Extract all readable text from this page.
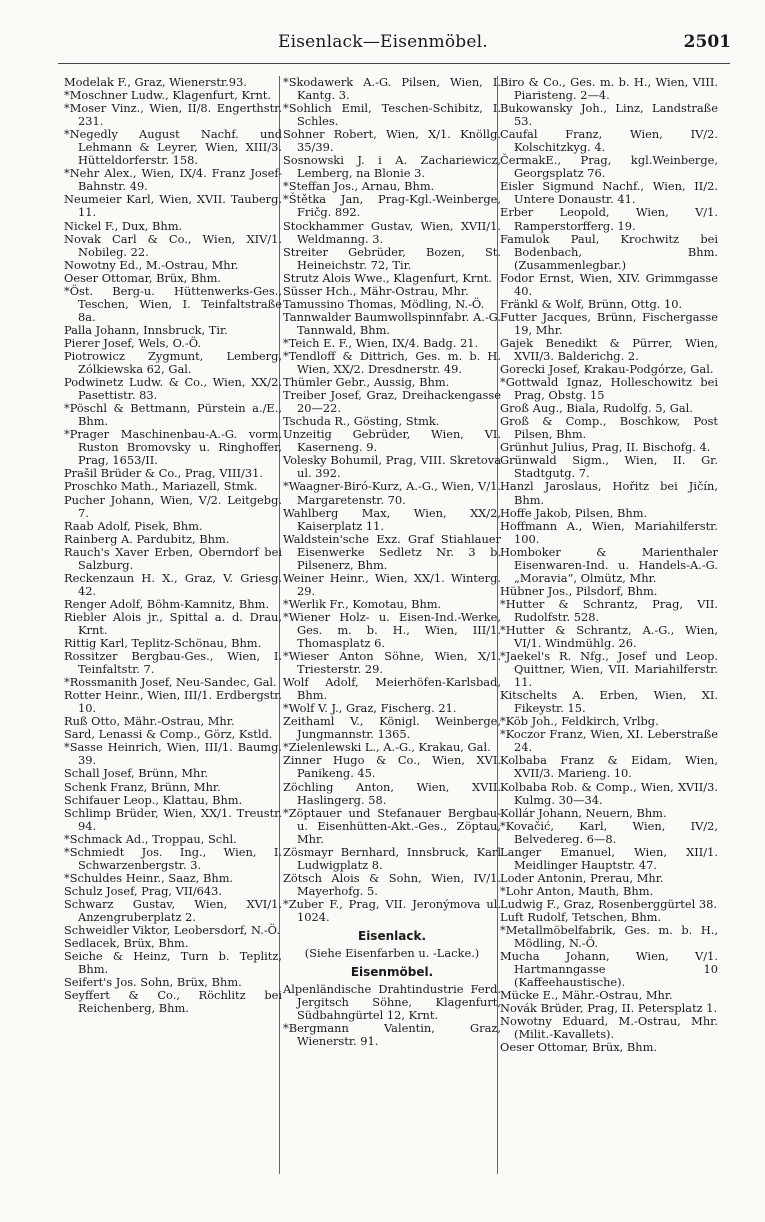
Eisenlack—Eisenmöbel.	2501
Modelak F., Graz, Wienerstr.93.
*Moschner Ludw., Klagenfurt, Krnt.
*Moser Vinz., Wien, II/8. Engerthstr. 231.
*Negedly August Nachf. und Lehmann & Leyrer, Wien, XIII/3. Hütteldorferstr. 158.
*Nehr Alex., Wien, IX/4. Franz Josef-Bahnstr. 49.
Neumeier Karl, Wien, XVII. Tauberg. 11.
Nickel F., Dux, Bhm.
Novak Carl & Co., Wien, XIV/1. Nobileg. 22.
Nowotny Ed., M.-Ostrau, Mhr.
Oeser Ottomar, Brüx, Bhm.
*Öst. Berg-u. Hüttenwerks-Ges., Teschen, Wien, I. Teinfaltstraße 8a.
Palla Johann, Innsbruck, Tir.
Pierer Josef, Wels, O.-Ö.
Piotrowicz Zygmunt, Lemberg, Zólkiewska 62, Gal.
Podwinetz Ludw. & Co., Wien, XX/2. Pasettistr. 83.
*Pöschl & Bettmann, Pürstein a./E., Bhm.
*Prager Maschinenbau-A.-G. vorm. Ruston Bromovsky u. Ringhoffer, Prag, 1653/II.
Prašil Brüder & Co., Prag, VIII/31.
Proschko Math., Mariazell, Stmk.
Pucher Johann, Wien, V/2. Leitgebg. 7.
Raab Adolf, Pisek, Bhm.
Rainberg A. Pardubitz, Bhm.
Rauch's Xaver Erben, Oberndorf bei Salzburg.
Reckenzaun H. X., Graz, V. Griesg. 42.
Renger Adolf, Böhm-Kamnitz, Bhm.
Riebler Alois jr., Spittal a. d. Drau, Krnt.
Rittig Karl, Teplitz-Schönau, Bhm.
Rossitzer Bergbau-Ges., Wien, I. Teinfaltstr. 7.
*Rossmanith Josef, Neu-Sandec, Gal.
Rotter Heinr., Wien, III/1. Erdbergstr. 10.
Ruß Otto, Mähr.-Ostrau, Mhr.
Sard, Lenassi & Comp., Görz, Kstld.
*Sasse Heinrich, Wien, III/1. Baumg. 39.
Schall Josef, Brünn, Mhr.
Schenk Franz, Brünn, Mhr.
Schifauer Leop., Klattau, Bhm.
Schlimp Brüder, Wien, XX/1. Treustr. 94.
*Schmack Ad., Troppau, Schl.
*Schmiedt Jos. Ing., Wien, I. Schwarzenbergstr. 3.
*Schuldes Heinr., Saaz, Bhm.
Schulz Josef, Prag, VII/643.
Schwarz Gustav, Wien, XVI/1. Anzengruberplatz 2.
Schweidler Viktor, Leobersdorf, N.-Ö.
Sedlacek, Brüx, Bhm.
Seiche & Heinz, Turn b. Teplitz, Bhm.
Seifert's Jos. Sohn, Brüx, Bhm.
Seyffert & Co., Röchlitz bei Reichenberg, Bhm.
*Skodawerk A.-G. Pilsen, Wien, I. Kantg. 3.
*Sohlich Emil, Teschen-Schibitz, I. Schles.
Sohner Robert, Wien, X/1. Knöllg. 35/39.
Sosnowski J. i A. Zachariewicz, Lemberg, na Blonie 3.
*Steffan Jos., Arnau, Bhm.
*Štětka Jan, Prag-Kgl.-Weinberge, Fričg. 892.
Stockhammer Gustav, Wien, XVII/1. Weldmanng. 3.
Streiter Gebrüder, Bozen, St. Heineichstr. 72, Tir.
Strutz Alois Wwe., Klagenfurt, Krnt.
Süsser Hch., Mähr-Ostrau, Mhr.
Tamussino Thomas, Mödling, N.-Ö.
Tannwalder Baumwollspinnfabr. A.-G. Tannwald, Bhm.
*Teich E. F., Wien, IX/4. Badg. 21.
*Tendloff & Dittrich, Ges. m. b. H. Wien, XX/2. Dresdnerstr. 49.
Thümler Gebr., Aussig, Bhm.
Treiber Josef, Graz, Dreihackengasse 20—22.
Tschuda R., Gösting, Stmk.
Unzeitig Gebrüder, Wien, VI. Kaserneng. 9.
Volesky Bohumil, Prag, VIII. Skretova ul. 392.
*Waagner-Biró-Kurz, A.-G., Wien, V/1. Margaretenstr. 70.
Wahlberg Max, Wien, XX/2, Kaiserplatz 11.
Waldstein'sche Exz. Graf Stiahlauer Eisenwerke Sedletz Nr. 3 b. Pilsenerz, Bhm.
Weiner Heinr., Wien, XX/1. Winterg. 29.
*Werlik Fr., Komotau, Bhm.
*Wiener Holz- u. Eisen-Ind.-Werke, Ges. m. b. H., Wien, III/1. Thomasplatz 6.
*Wieser Anton Söhne, Wien, X/1. Triesterstr. 29.
Wolf Adolf, Meierhöfen-Karlsbad, Bhm.
*Wolf V. J., Graz, Fischerg. 21.
Zeithaml V., Königl. Weinberge, Jungmannstr. 1365.
*Zielenlewski L., A.-G., Krakau, Gal.
Zinner Hugo & Co., Wien, XVI. Panikeng. 45.
Zöchling Anton, Wien, XVII. Haslingerg. 58.
*Zöptauer und Stefanauer Bergbau- u. Eisenhütten-Akt.-Ges., Zöptau, Mhr.
Zösmayr Bernhard, Innsbruck, Karl Ludwigplatz 8.
Zötsch Alois & Sohn, Wien, IV/1. Mayerhofg. 5.
*Zuber F., Prag, VII. Jeronýmova ul. 1024.
Eisenlack.
(Siehe Eisenfarben u. -Lacke.)
Eisenmöbel.
Alpenländische Drahtindustrie Ferd. Jergitsch Söhne, Klagenfurt, Südbahngürtel 12, Krnt.
*Bergmann Valentin, Graz, Wienerstr. 91.
Biro & Co., Ges. m. b. H., Wien, VIII. Piaristeng. 2—4.
Bukowansky Joh., Linz, Landstraße 53.
Caufal Franz, Wien, IV/2. Kolschitzkyg. 4.
ČermakE., Prag, kgl.Weinberge, Georgsplatz 76.
Eisler Sigmund Nachf., Wien, II/2. Untere Donaustr. 41.
Erber Leopold, Wien, V/1. Ramperstorfferg. 19.
Famulok Paul, Krochwitz bei Bodenbach, Bhm. (Zusammenlegbar.)
Fodor Ernst, Wien, XIV. Grimmgasse 40.
Fränkl & Wolf, Brünn, Ottg. 10.
Futter Jacques, Brünn, Fischergasse 19, Mhr.
Gajek Benedikt & Pürrer, Wien, XVII/3. Balderichg. 2.
Gorecki Josef, Krakau-Podgórze, Gal.
*Gottwald Ignaz, Holleschowitz bei Prag, Obstg. 15
Groß Aug., Biala, Rudolfg. 5, Gal.
Groß & Comp., Boschkow, Post Pilsen, Bhm.
Grünhut Julius, Prag, II. Bischofg. 4.
Grünwald Sigm., Wien, II. Gr. Stadtgutg. 7.
Hanzl Jaroslaus, Hořitz bei Jičín, Bhm.
Hoffe Jakob, Pilsen, Bhm.
Hoffmann A., Wien, Mariahilferstr. 100.
Homboker & Marienthaler Eisenwaren-Ind. u. Handels-A.-G. „Moravia“, Olmütz, Mhr.
Hübner Jos., Pilsdorf, Bhm.
*Hutter & Schrantz, Prag, VII. Rudolfstr. 528.
*Hutter & Schrantz, A.-G., Wien, VI/1. Windmühlg. 26.
*Jaekel's R. Nfg., Josef und Leop. Quittner, Wien, VII. Mariahilferstr. 11.
Kitschelts A. Erben, Wien, XI. Fikeystr. 15.
*Köb Joh., Feldkirch, Vrlbg.
*Koczor Franz, Wien, XI. Leberstraße 24.
Kolbaba Franz & Eidam, Wien, XVII/3. Marieng. 10.
Kolbaba Rob. & Comp., Wien, XVII/3. Kulmg. 30—34.
Kollár Johann, Neuern, Bhm.
*Kovačić, Karl, Wien, IV/2, Belvedereg. 6—8.
Langer Emanuel, Wien, XII/1. Meidlinger Hauptstr. 47.
Loder Antonin, Prerau, Mhr.
*Lohr Anton, Mauth, Bhm.
Ludwig F., Graz, Rosenberggürtel 38.
Luft Rudolf, Tetschen, Bhm.
*Metallmöbelfabrik, Ges. m. b. H., Mödling, N.-Ö.
Mucha Johann, Wien, V/1. Hartmanngasse 10 (Kaffeehaustische).
Mücke E., Mähr.-Ostrau, Mhr.
Novák Brüder, Prag, II. Petersplatz 1.
Nowotny Eduard, M.-Ostrau, Mhr. (Milit.-Kavallets).
Oeser Ottomar, Brüx, Bhm.
